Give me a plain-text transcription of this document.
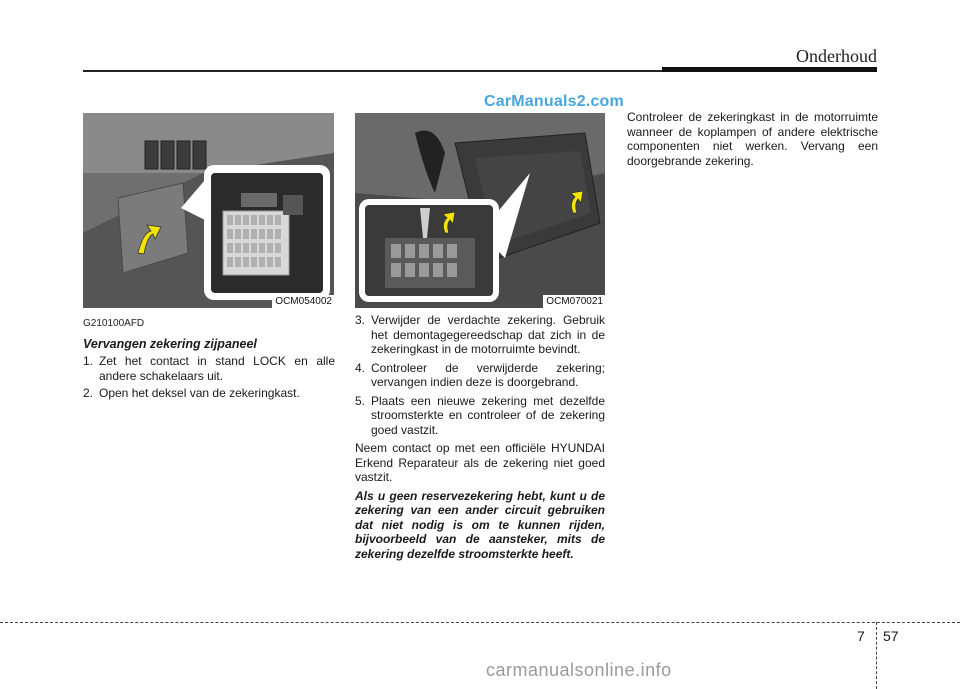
Onderhoud
CarManuals2.com
OCM054002	OCM070021
G210100AFD
Vervangen zekering zijpaneel
1. Zet het contact in stand LOCK en alle andere schakelaars uit.
2. Open het deksel van de zekeringkast.
3. Verwijder de verdachte zekering. Gebruik het demontagegereedschap dat zich in de zekeringkast in de motorruimte bevindt.
4. Controleer de verwijderde zekering; vervangen indien deze is doorgebrand.
5. Plaats een nieuwe zekering met dezelfde stroomsterkte en controleer of de zekering goed vastzit.
Neem contact op met een officiële HYUNDAI Erkend Reparateur als de zekering niet goed vastzit.
Als u geen reservezekering hebt, kunt u de zekering van een ander circuit gebruiken dat niet nodig is om te kunnen rijden, bijvoorbeeld van de aansteker, mits de zekering dezelfde stroomsterkte heeft.
Controleer de zekeringkast in de motorruimte wanneer de koplampen of andere elektrische componenten niet werken. Vervang een doorgebrande zekering.
7 57
carmanualsonline.info
